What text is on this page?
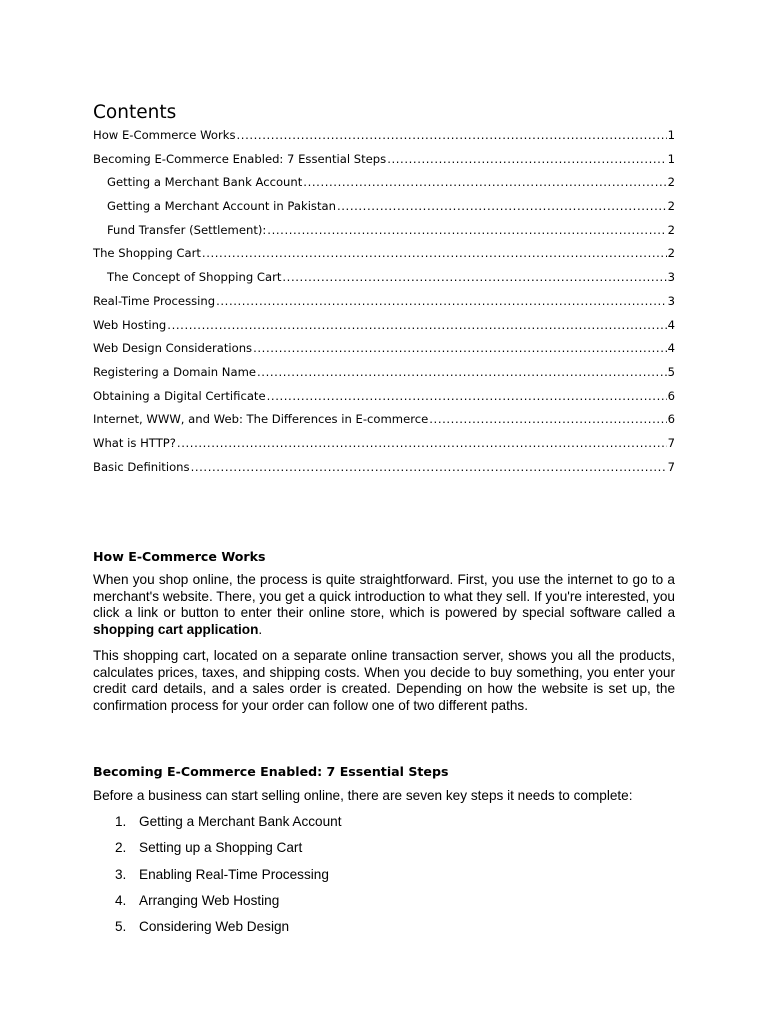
Contents
How E-Commerce Works .....	1
Becoming E-Commerce Enabled: 7 Essential Steps .....	1
Getting a Merchant Bank Account .....	2
Getting a Merchant Account in Pakistan .....	2
Fund Transfer (Settlement): .....	2
The Shopping Cart .....	2
The Concept of Shopping Cart .....	3
Real-Time Processing .....	3
Web Hosting .....	4
Web Design Considerations .....	4
Registering a Domain Name .....	5
Obtaining a Digital Certificate .....	6
Internet, WWW, and Web: The Differences in E-commerce .....	6
What is HTTP? .....	7
Basic Definitions .....	7
How E-Commerce Works

When you shop online, the process is quite straightforward. First, you use the internet to go to a merchant's website. There, you get a quick introduction to what they sell. If you're interested, you click a link or button to enter their online store, which is powered by special software called a shopping cart application.

This shopping cart, located on a separate online transaction server, shows you all the products, calculates prices, taxes, and shipping costs. When you decide to buy something, you enter your credit card details, and a sales order is created. Depending on how the website is set up, the confirmation process for your order can follow one of two different paths.

Becoming E-Commerce Enabled: 7 Essential Steps

Before a business can start selling online, there are seven key steps it needs to complete:

1. Getting a Merchant Bank Account
2. Setting up a Shopping Cart
3. Enabling Real-Time Processing
4. Arranging Web Hosting
5. Considering Web Design
